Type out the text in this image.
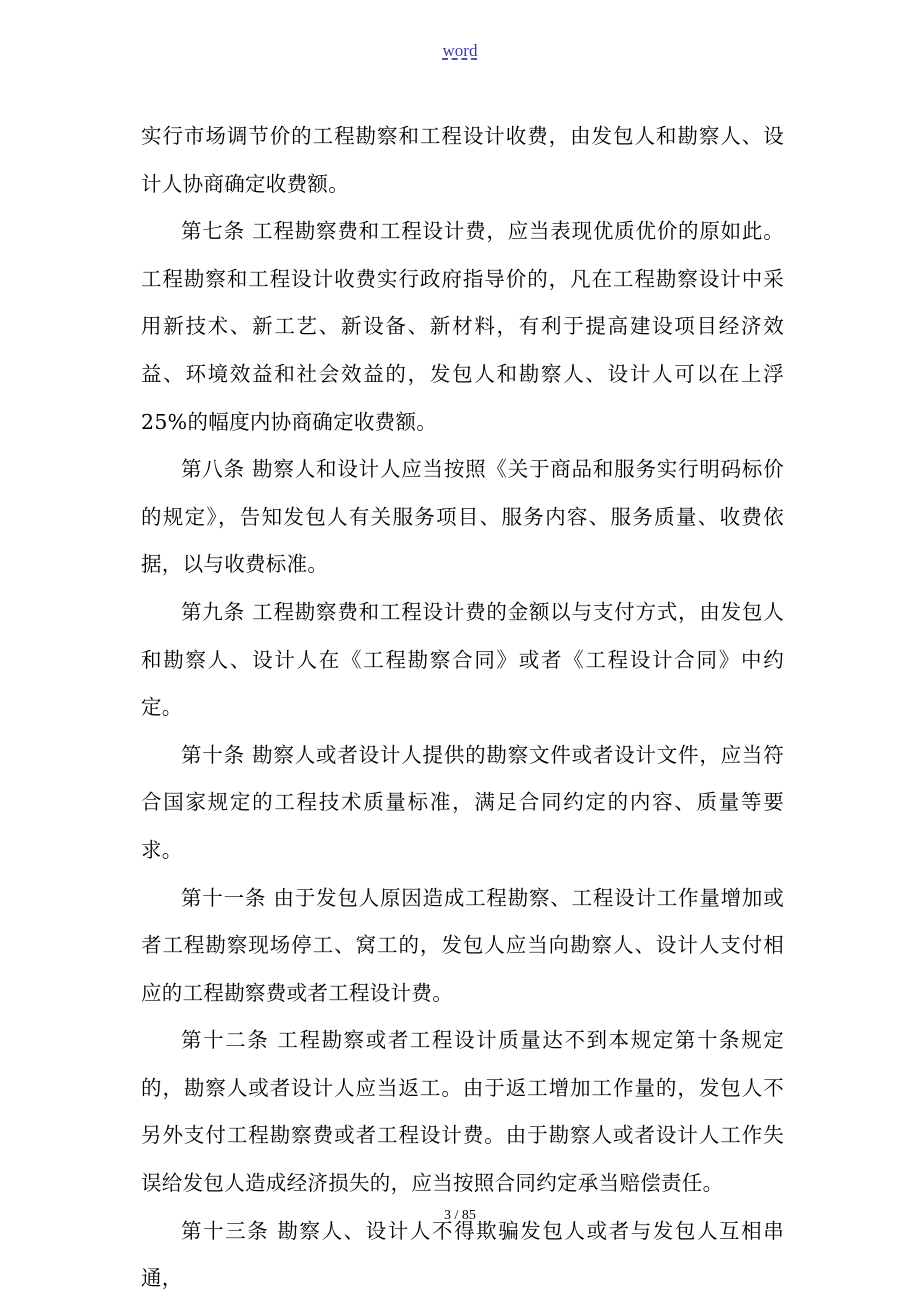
word

实行市场调节价的工程勘察和工程设计收费，由发包人和勘察人、设计人协商确定收费额。

第七条 工程勘察费和工程设计费，应当表现优质优价的原如此。工程勘察和工程设计收费实行政府指导价的，凡在工程勘察设计中采用新技术、新工艺、新设备、新材料，有利于提高建设项目经济效益、环境效益和社会效益的，发包人和勘察人、设计人可以在上浮25%的幅度内协商确定收费额。

第八条 勘察人和设计人应当按照《关于商品和服务实行明码标价的规定》，告知发包人有关服务项目、服务内容、服务质量、收费依据，以与收费标准。

第九条 工程勘察费和工程设计费的金额以与支付方式，由发包人和勘察人、设计人在《工程勘察合同》或者《工程设计合同》中约定。

第十条 勘察人或者设计人提供的勘察文件或者设计文件，应当符合国家规定的工程技术质量标准，满足合同约定的内容、质量等要求。

第十一条 由于发包人原因造成工程勘察、工程设计工作量增加或者工程勘察现场停工、窝工的，发包人应当向勘察人、设计人支付相应的工程勘察费或者工程设计费。

第十二条 工程勘察或者工程设计质量达不到本规定第十条规定的，勘察人或者设计人应当返工。由于返工增加工作量的，发包人不另外支付工程勘察费或者工程设计费。由于勘察人或者设计人工作失误给发包人造成经济损失的，应当按照合同约定承当赔偿责任。

第十三条 勘察人、设计人不得欺骗发包人或者与发包人互相串通，

3 / 85
